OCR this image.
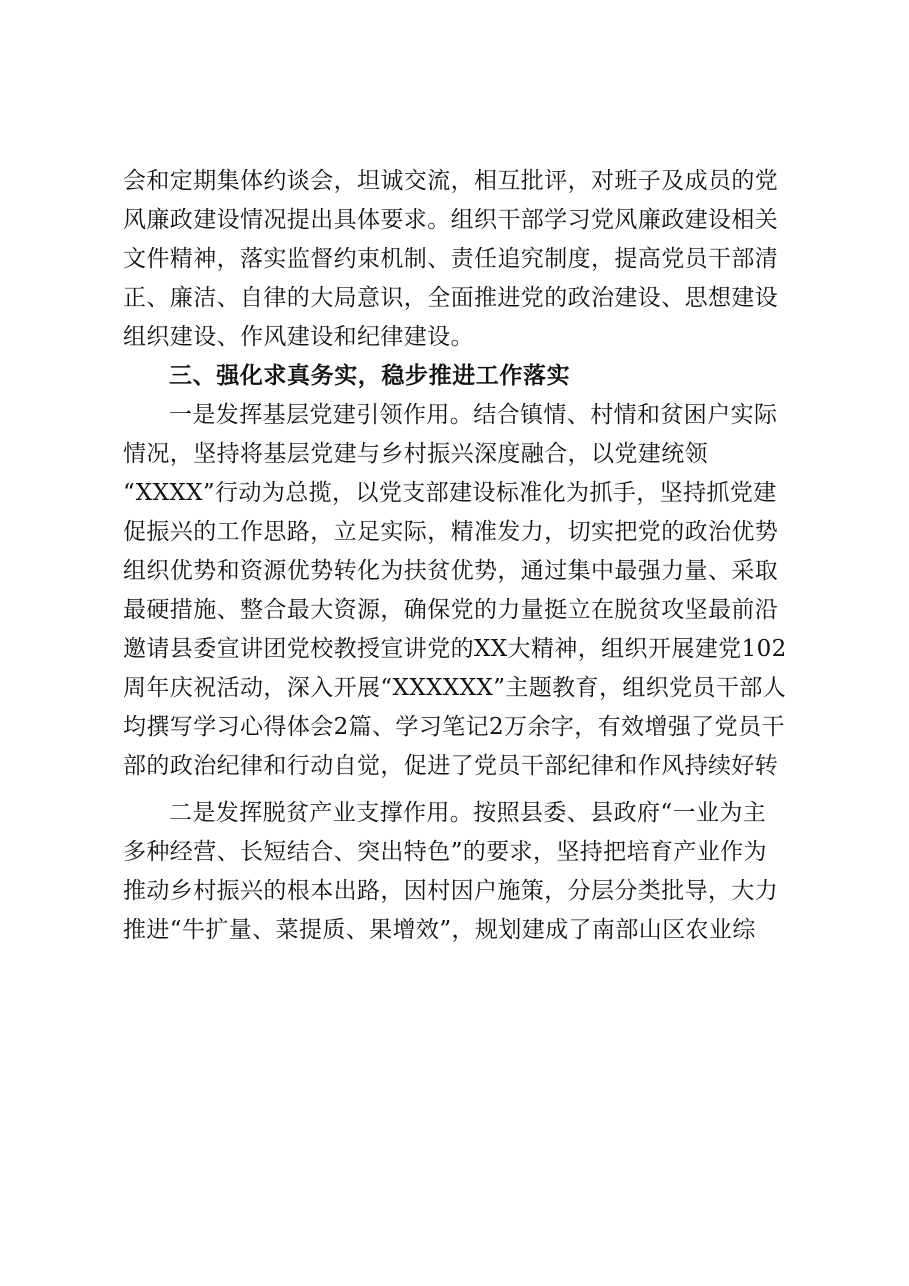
会和定期集体约谈会，坦诚交流，相互批评，对班子及成员的党
风廉政建设情况提出具体要求。组织干部学习党风廉政建设相关
文件精神，落实监督约束机制、责任追究制度，提高党员干部清
正、廉洁、自律的大局意识，全面推进党的政治建设、思想建设
组织建设、作风建设和纪律建设。
三、强化求真务实，稳步推进工作落实
一是发挥基层党建引领作用。结合镇情、村情和贫困户实际
情况，坚持将基层党建与乡村振兴深度融合，以党建统领
“XXXX”行动为总揽，以党支部建设标准化为抓手，坚持抓党建
促振兴的工作思路，立足实际，精准发力，切实把党的政治优势
组织优势和资源优势转化为扶贫优势，通过集中最强力量、采取
最硬措施、整合最大资源，确保党的力量挺立在脱贫攻坚最前沿
邀请县委宣讲团党校教授宣讲党的XX大精神，组织开展建党102
周年庆祝活动，深入开展“XXXXXX”主题教育，组织党员干部人
均撰写学习心得体会2篇、学习笔记2万余字，有效增强了党员干
部的政治纪律和行动自觉，促进了党员干部纪律和作风持续好转
二是发挥脱贫产业支撑作用。按照县委、县政府“一业为主
多种经营、长短结合、突出特色”的要求，坚持把培育产业作为
推动乡村振兴的根本出路，因村因户施策，分层分类批导，大力
推进“牛扩量、菜提质、果增效”，规划建成了南部山区农业综
